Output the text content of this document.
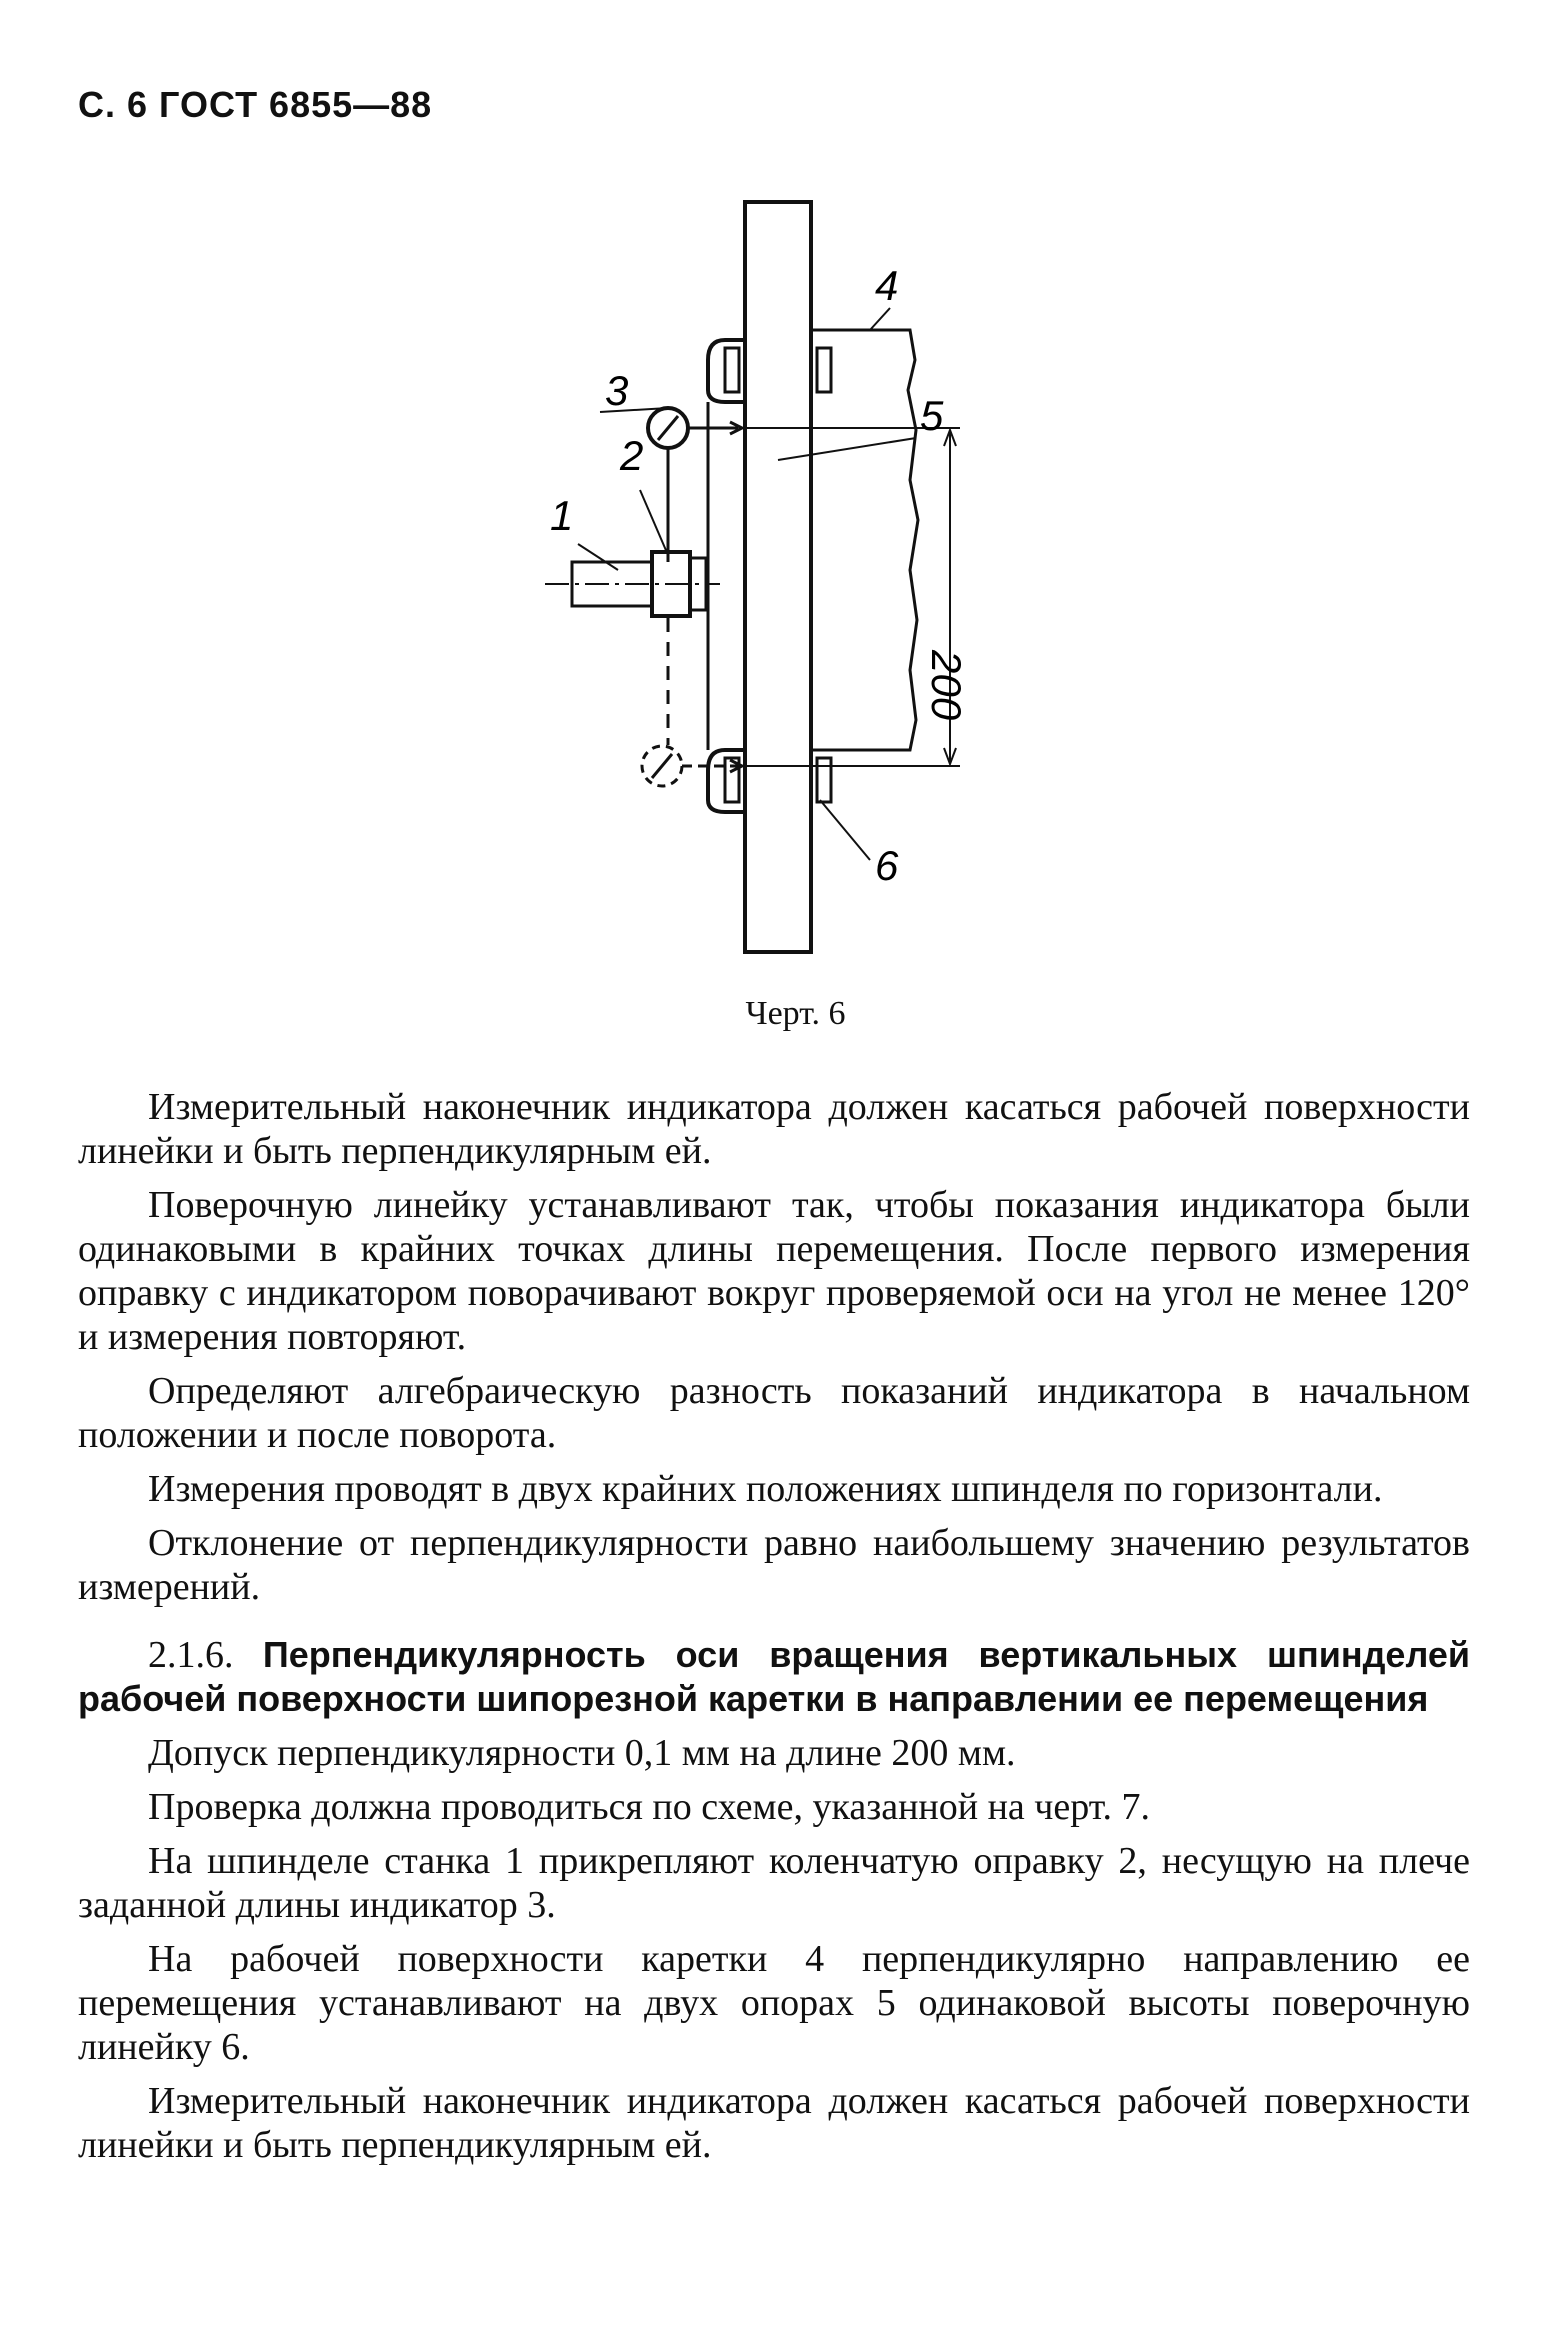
С. 6 ГОСТ 6855—88
3
2
1
4
5
6
200
Черт. 6

Измерительный наконечник индикатора должен касаться рабочей поверхности линейки и быть перпендикулярным ей.

Поверочную линейку устанавливают так, чтобы показания индикатора были одинаковыми в крайних точках длины перемещения. После первого измерения оправку с индикатором поворачивают вокруг проверяемой оси на угол не менее 120° и измерения повторяют.

Определяют алгебраическую разность показаний индикатора в начальном положении и после поворота.

Измерения проводят в двух крайних положениях шпинделя по горизонтали.

Отклонение от перпендикулярности равно наибольшему значению результатов измерений.

2.1.6. Перпендикулярность оси вращения вертикальных шпинделей рабочей поверхности шипорезной каретки в направлении ее перемещения

Допуск перпендикулярности 0,1 мм на длине 200 мм.

Проверка должна проводиться по схеме, указанной на черт. 7.

На шпинделе станка 1 прикрепляют коленчатую оправку 2, несущую на плече заданной длины индикатор 3.

На рабочей поверхности каретки 4 перпендикулярно направлению ее перемещения устанавливают на двух опорах 5 одинаковой высоты поверочную линейку 6.

Измерительный наконечник индикатора должен касаться рабочей поверхности линейки и быть перпендикулярным ей.
